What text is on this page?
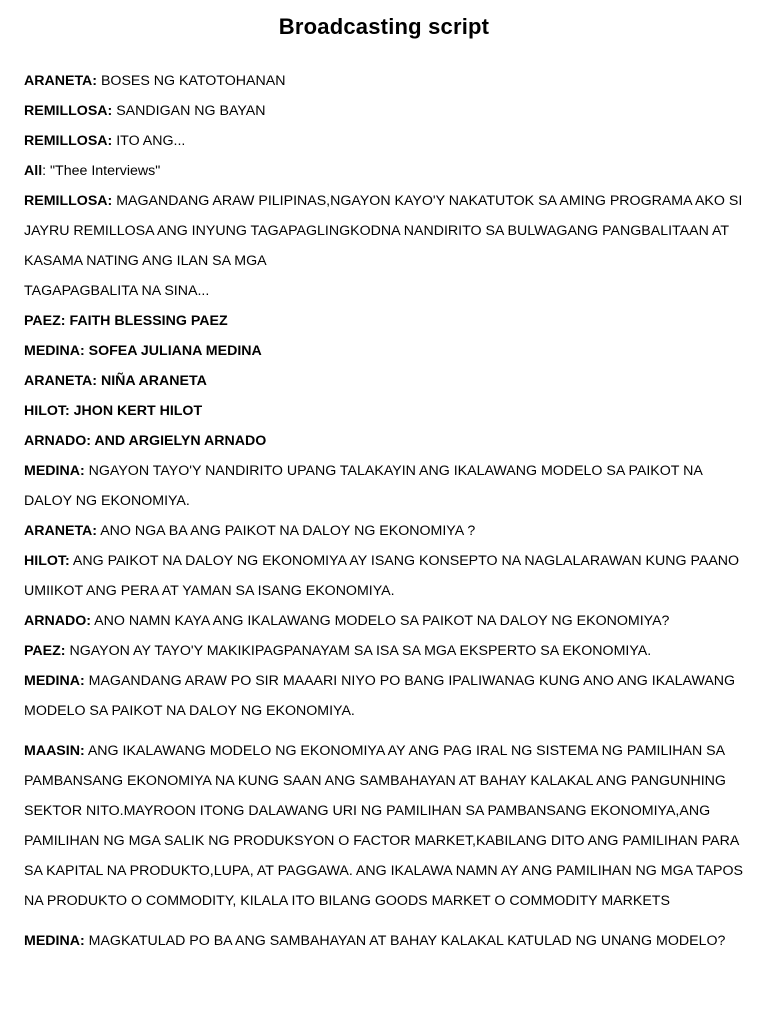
Broadcasting script

ARANETA: BOSES NG KATOTOHANAN

REMILLOSA: SANDIGAN NG BAYAN

REMILLOSA: ITO ANG...

All: "Thee Interviews"

REMILLOSA: MAGANDANG ARAW PILIPINAS,NGAYON KAYO'Y NAKATUTOK SA AMING PROGRAMA AKO SI JAYRU REMILLOSA ANG INYUNG TAGAPAGLINGKODNA NANDIRITO SA BULWAGANG PANGBALITAAN AT KASAMA NATING ANG ILAN SA MGA

TAGAPAGBALITA NA SINA...

PAEZ: FAITH BLESSING PAEZ

MEDINA: SOFEA JULIANA MEDINA

ARANETA: NIÑA ARANETA

HILOT: JHON KERT HILOT

ARNADO: AND ARGIELYN ARNADO

MEDINA: NGAYON TAYO'Y NANDIRITO UPANG TALAKAYIN ANG IKALAWANG MODELO SA PAIKOT NA DALOY NG EKONOMIYA.

ARANETA: ANO NGA BA ANG PAIKOT NA DALOY NG EKONOMIYA ?

HILOT: ANG PAIKOT NA DALOY NG EKONOMIYA AY ISANG KONSEPTO NA NAGLALARAWAN KUNG PAANO UMIIKOT ANG PERA AT YAMAN SA ISANG EKONOMIYA.

ARNADO: ANO NAMN KAYA ANG IKALAWANG MODELO SA PAIKOT NA DALOY NG EKONOMIYA?

PAEZ: NGAYON AY TAYO'Y MAKIKIPAGPANAYAM SA ISA SA MGA EKSPERTO SA EKONOMIYA.

MEDINA: MAGANDANG ARAW PO SIR MAAARI NIYO PO BANG IPALIWANAG KUNG ANO ANG IKALAWANG MODELO SA PAIKOT NA DALOY NG EKONOMIYA.

MAASIN: ANG IKALAWANG MODELO NG EKONOMIYA AY ANG PAG IRAL NG SISTEMA NG PAMILIHAN SA PAMBANSANG EKONOMIYA NA KUNG SAAN ANG SAMBAHAYAN AT BAHAY KALAKAL ANG PANGUNHING SEKTOR NITO.MAYROON ITONG DALAWANG URI NG PAMILIHAN SA PAMBANSANG EKONOMIYA,ANG PAMILIHAN NG MGA SALIK NG PRODUKSYON O FACTOR MARKET,KABILANG DITO ANG PAMILIHAN PARA SA KAPITAL NA PRODUKTO,LUPA, AT PAGGAWA. ANG IKALAWA NAMN AY ANG PAMILIHAN NG MGA TAPOS NA PRODUKTO O COMMODITY, KILALA ITO BILANG GOODS MARKET O COMMODITY MARKETS

MEDINA: MAGKATULAD PO BA ANG SAMBAHAYAN AT BAHAY KALAKAL KATULAD NG UNANG MODELO?
